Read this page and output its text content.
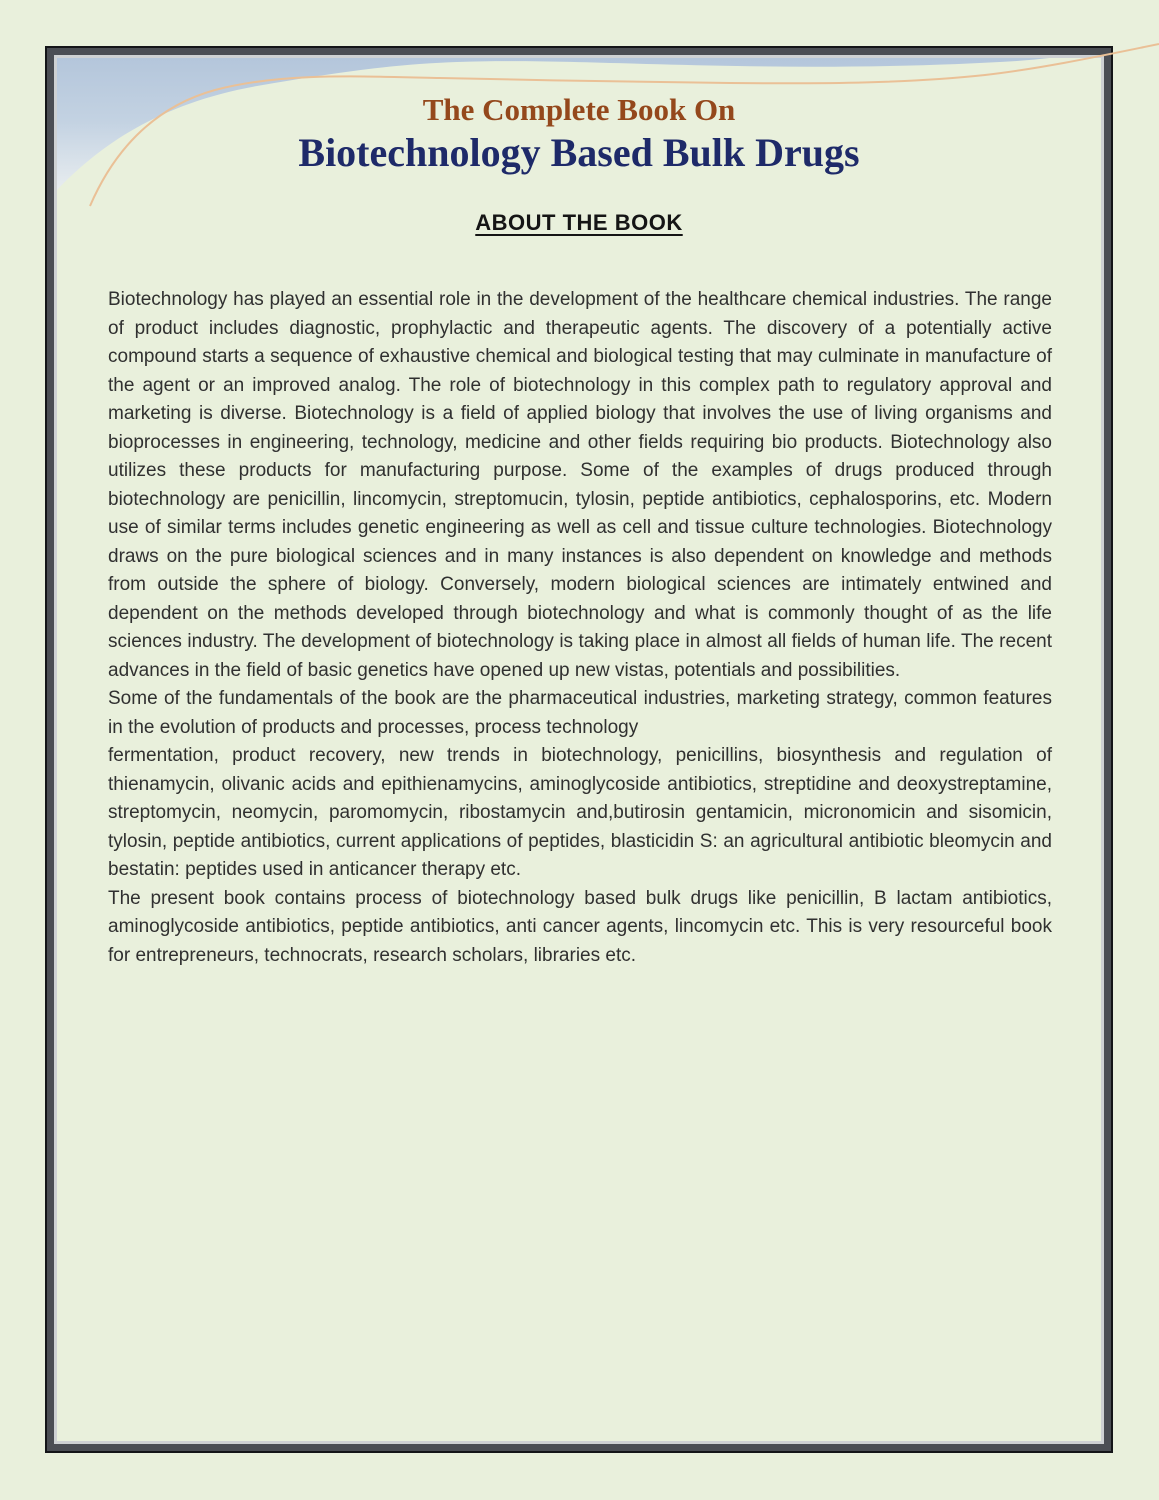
The Complete Book On
Biotechnology Based Bulk Drugs
ABOUT THE BOOK

Biotechnology has played an essential role in the development of the healthcare chemical industries. The range of product includes diagnostic, prophylactic and therapeutic agents. The discovery of a potentially active compound starts a sequence of exhaustive chemical and biological testing that may culminate in manufacture of the agent or an improved analog. The role of biotechnology in this complex path to regulatory approval and marketing is diverse. Biotechnology is a field of applied biology that involves the use of living organisms and bioprocesses in engineering, technology, medicine and other fields requiring bio products. Biotechnology also utilizes these products for manufacturing purpose. Some of the examples of drugs produced through biotechnology are penicillin, lincomycin, streptomucin, tylosin, peptide antibiotics, cephalosporins, etc. Modern use of similar terms includes genetic engineering as well as cell and tissue culture technologies. Biotechnology draws on the pure biological sciences and in many instances is also dependent on knowledge and methods from outside the sphere of biology. Conversely, modern biological sciences are intimately entwined and dependent on the methods developed through biotechnology and what is commonly thought of as the life sciences industry. The development of biotechnology is taking place in almost all fields of human life. The recent advances in the field of basic genetics have opened up new vistas, potentials and possibilities.

Some of the fundamentals of the book are the pharmaceutical industries, marketing strategy, common features in the evolution of products and processes, process technology

fermentation, product recovery, new trends in biotechnology, penicillins, biosynthesis and regulation of thienamycin, olivanic acids and epithienamycins, aminoglycoside antibiotics, streptidine and deoxystreptamine, streptomycin, neomycin, paromomycin, ribostamycin and,butirosin gentamicin, micronomicin and sisomicin, tylosin, peptide antibiotics, current applications of peptides, blasticidin S: an agricultural antibiotic bleomycin and bestatin: peptides used in anticancer therapy etc.

The present book contains process of biotechnology based bulk drugs like penicillin, B lactam antibiotics, aminoglycoside antibiotics, peptide antibiotics, anti cancer agents, lincomycin etc. This is very resourceful book for entrepreneurs, technocrats, research scholars, libraries etc.
